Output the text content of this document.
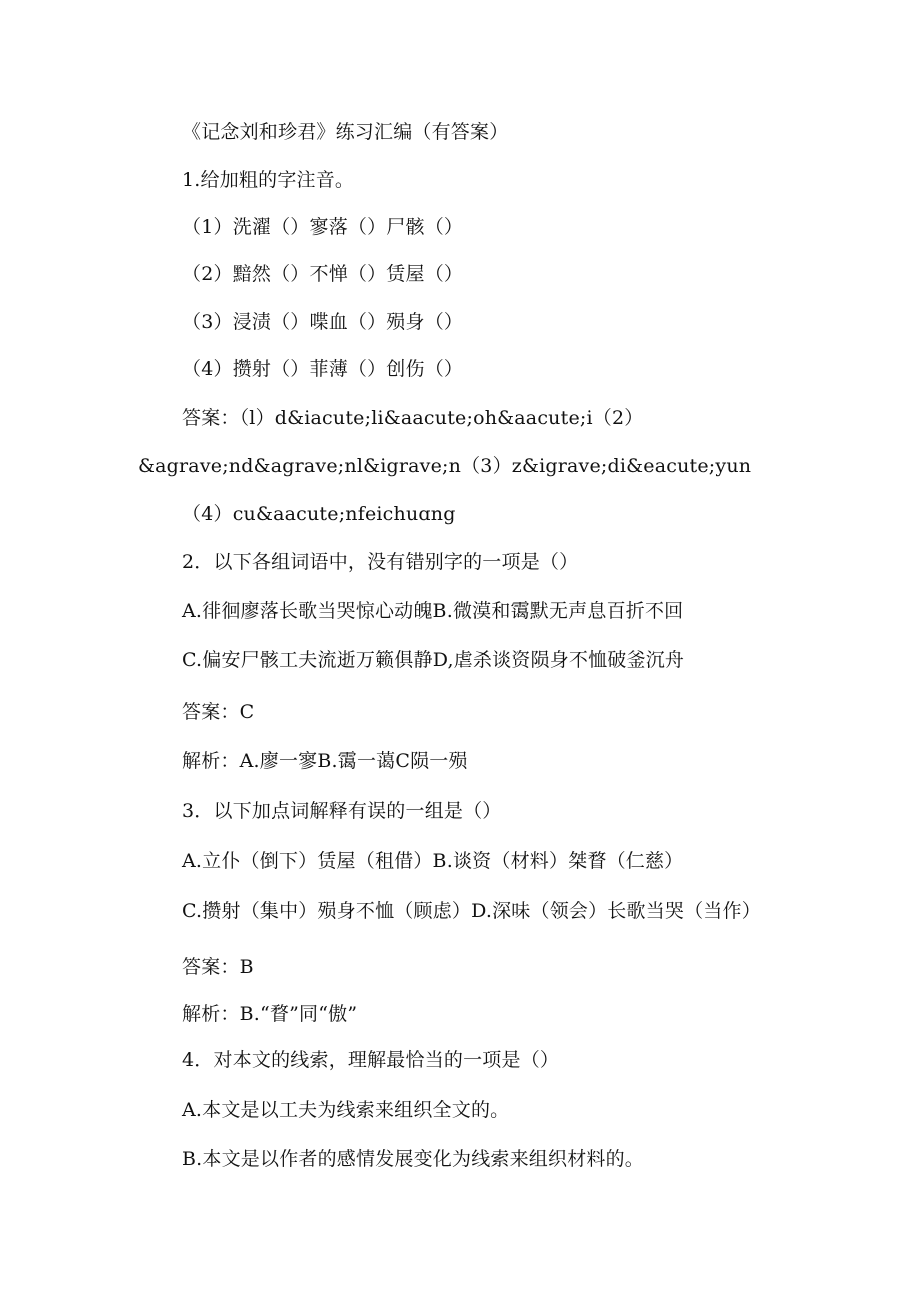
《记念刘和珍君》练习汇编（有答案）
1.给加粗的字注音。
（1）洗濯（）寥落（）尸骸（）
（2）黯然（）不惮（）赁屋（）
（3）浸渍（）喋血（）殒身（）
（4）攒射（）菲薄（）创伤（）
答案：（l）d&iacute;li&aacute;oh&aacute;i（2）
&agrave;nd&agrave;nl&igrave;n（3）z&igrave;di&eacute;yun
（4）cu&aacute;nfeichuɑng
2．以下各组词语中，没有错别字的一项是（）
A.徘徊廖落长歌当哭惊心动魄B.微漠和霭默无声息百折不回
C.偏安尸骸工夫流逝万籁俱静D,虐杀谈资陨身不恤破釜沉舟
答案：C
解析：A.廖一寥B.霭一蔼C陨一殒
3．以下加点词解释有误的一组是（）
A.立仆（倒下）赁屋（租借）B.谈资（材料）桀瞀（仁慈）
C.攒射（集中）殒身不恤（顾虑）D.深味（领会）长歌当哭（当作）
答案：B
解析：B.“瞀”同“傲”
4．对本文的线索，理解最恰当的一项是（）
A.本文是以工夫为线索来组织全文的。
B.本文是以作者的感情发展变化为线索来组织材料的。
